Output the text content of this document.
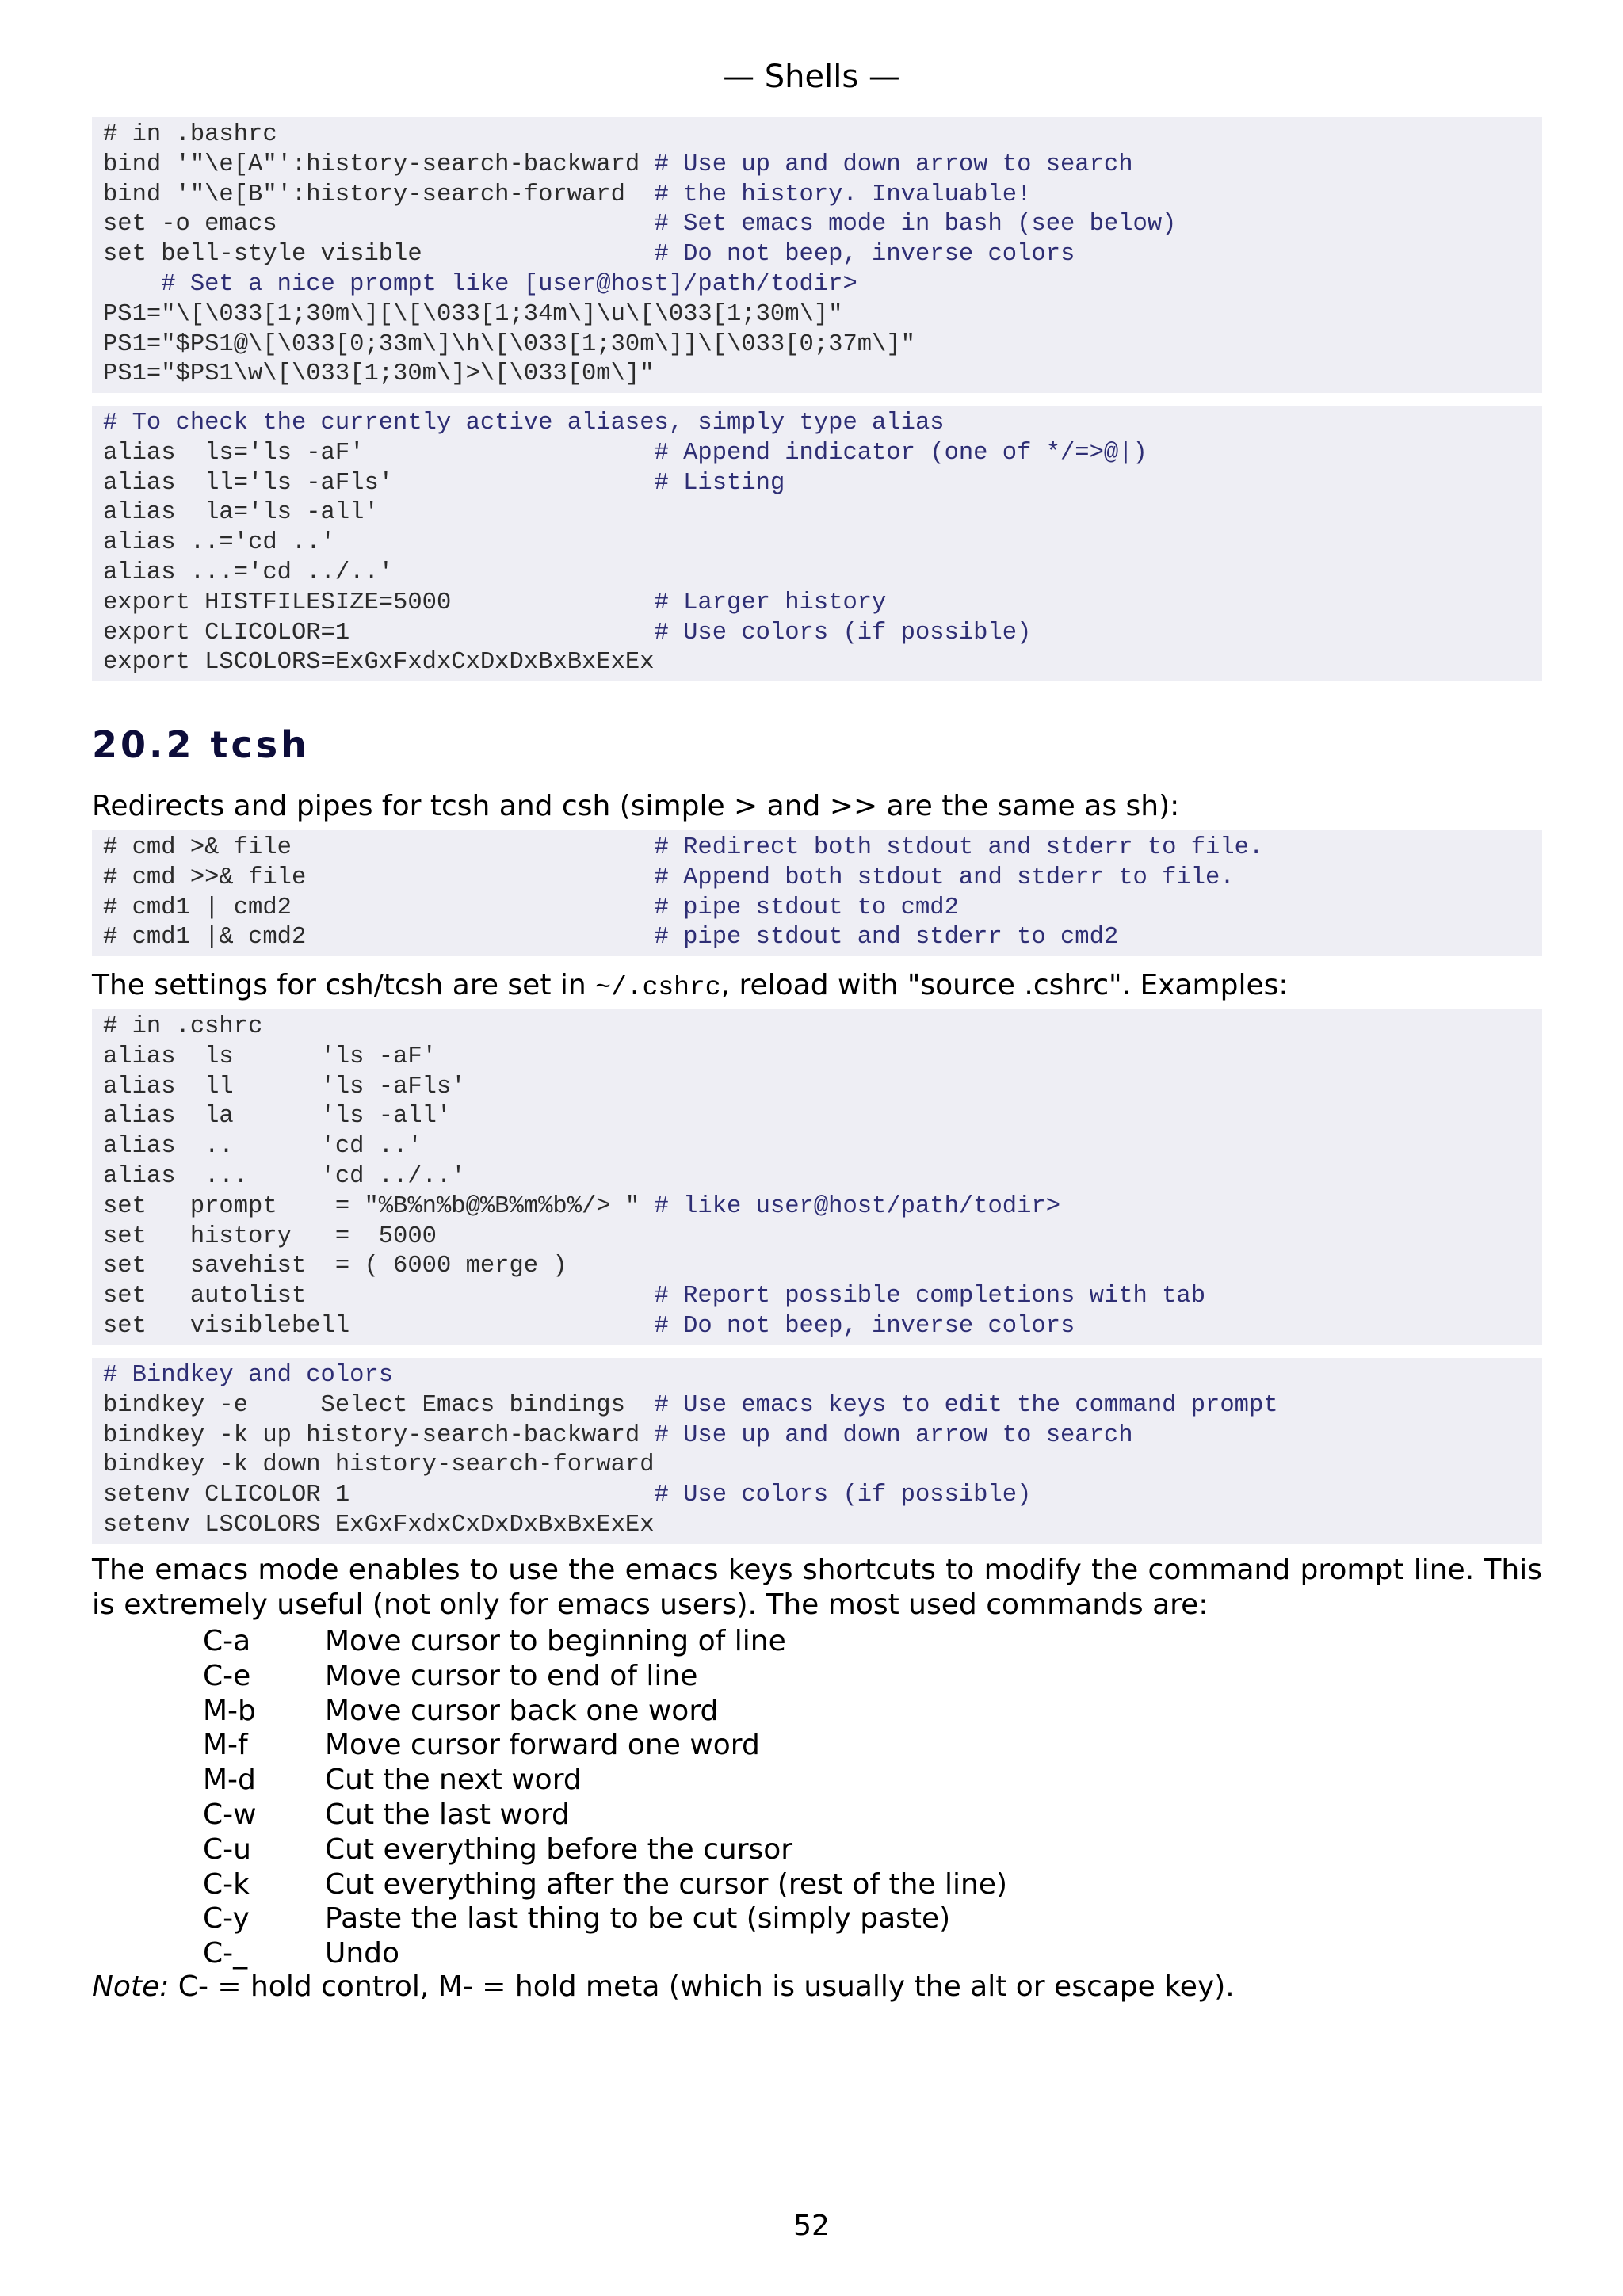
— Shells —
# in .bashrc
bind '"\e[A"':history-search-backward # Use up and down arrow to search
bind '"\e[B"':history-search-forward  # the history. Invaluable!
set -o emacs                          # Set emacs mode in bash (see below)
set bell-style visible                # Do not beep, inverse colors
# Set a nice prompt like [user@host]/path/todir>
PS1="\[\033[1;30m\][\[\033[1;34m\]\u\[\033[1;30m\]"
PS1="$PS1@\[\033[0;33m\]\h\[\033[1;30m\]]\[\033[0;37m\]"
PS1="$PS1\w\[\033[1;30m\]>\[\033[0m\]"
# To check the currently active aliases, simply type alias
alias  ls='ls -aF'                    # Append indicator (one of */=>@|)
alias  ll='ls -aFls'                  # Listing
alias  la='ls -all'
alias ..='cd ..'
alias ...='cd ../..'
export HISTFILESIZE=5000              # Larger history
export CLICOLOR=1                     # Use colors (if possible)
export LSCOLORS=ExGxFxdxCxDxDxBxBxExEx
20.2 tcsh
Redirects and pipes for tcsh and csh (simple > and >> are the same as sh):
# cmd >& file                         # Redirect both stdout and stderr to file.
# cmd >>& file                        # Append both stdout and stderr to file.
# cmd1 | cmd2                         # pipe stdout to cmd2
# cmd1 |& cmd2                        # pipe stdout and stderr to cmd2
The settings for csh/tcsh are set in ~/.cshrc, reload with "source .cshrc". Examples:
# in .cshrc
alias  ls      'ls -aF'
alias  ll      'ls -aFls'
alias  la      'ls -all'
alias  ..      'cd ..'
alias  ...     'cd ../..'
set   prompt    = "%B%n%b@%B%m%b%/> " # like user@host/path/todir>
set   history   =  5000
set   savehist  = ( 6000 merge )
set   autolist                        # Report possible completions with tab
set   visiblebell                     # Do not beep, inverse colors
# Bindkey and colors
bindkey -e     Select Emacs bindings  # Use emacs keys to edit the command prompt
bindkey -k up history-search-backward # Use up and down arrow to search
bindkey -k down history-search-forward
setenv CLICOLOR 1                     # Use colors (if possible)
setenv LSCOLORS ExGxFxdxCxDxDxBxBxExEx
The emacs mode enables to use the emacs keys shortcuts to modify the command prompt line. This is extremely useful (not only for emacs users). The most used commands are:
C-a	Move cursor to beginning of line
C-e	Move cursor to end of line
M-b Move cursor back one word
M-f	Move cursor forward one word
M-d Cut the next word
C-w Cut the last word
C-u	Cut everything before the cursor
C-k	Cut everything after the cursor (rest of the line)
C-y	Paste the last thing to be cut (simply paste)
C-_	Undo
Note: C- = hold control, M- = hold meta (which is usually the alt or escape key).
52
